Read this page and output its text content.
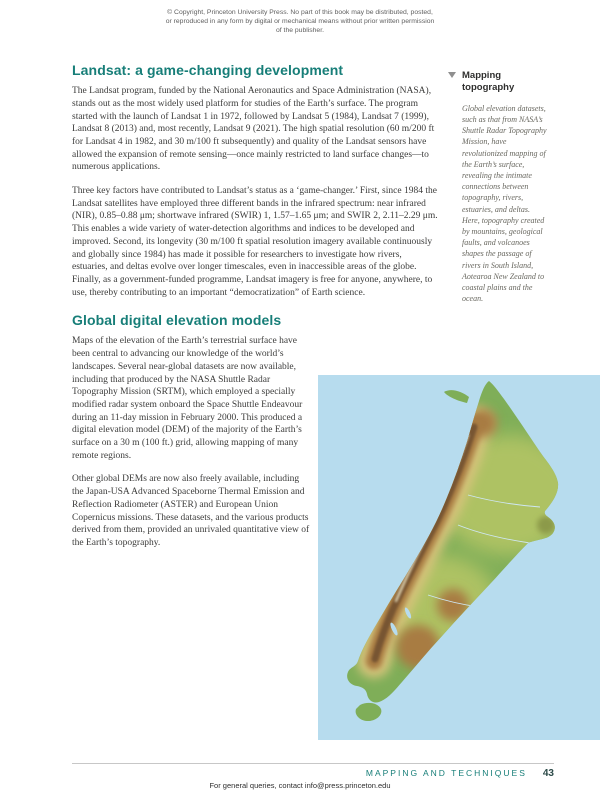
© Copyright, Princeton University Press. No part of this book may be distributed, posted, or reproduced in any form by digital or mechanical means without prior written permission of the publisher.
Landsat: a game-changing development

The Landsat program, funded by the National Aeronautics and Space Administration (NASA), stands out as the most widely used platform for studies of the Earth’s surface. The program started with the launch of Landsat 1 in 1972, followed by Landsat 5 (1984), Landsat 7 (1999), Landsat 8 (2013) and, most recently, Landsat 9 (2021). The high spatial resolution (60 m/200 ft for Landsat 4 in 1982, and 30 m/100 ft subsequently) and quality of the Landsat sensors have allowed the expansion of remote sensing—once mainly restricted to land surface changes—to numerous applications.

Three key factors have contributed to Landsat’s status as a ‘game-changer.’ First, since 1984 the Landsat satellites have employed three different bands in the infrared spectrum: near infrared (NIR), 0.85–0.88 μm; shortwave infrared (SWIR) 1, 1.57–1.65 μm; and SWIR 2, 2.11–2.29 μm. This enables a wide variety of water-detection algorithms and indices to be developed and improved. Second, its longevity (30 m/100 ft spatial resolution imagery available continuously and globally since 1984) has made it possible for researchers to investigate how rivers, estuaries, and deltas evolve over longer timescales, even in inaccessible areas of the globe. Finally, as a government-funded programme, Landsat imagery is free for anyone, anywhere, to use, thereby contributing to an important “democratization” of Earth science.

Global digital elevation models

Maps of the elevation of the Earth’s terrestrial surface have been central to advancing our knowledge of the world’s landscapes. Several near-global datasets are now available, including that produced by the NASA Shuttle Radar Topography Mission (SRTM), which employed a specially modified radar system onboard the Space Shuttle Endeavour during an 11-day mission in February 2000. This produced a digital elevation model (DEM) of the majority of the Earth’s surface on a 30 m (100 ft.) grid, allowing mapping of many remote regions.

Other global DEMs are now also freely available, including the Japan-USA Advanced Spaceborne Thermal Emission and Reflection Radiometer (ASTER) and European Union Copernicus missions. These datasets, and the various products derived from them, provided an unrivaled quantitative view of the Earth’s topography.

Mapping topography

Global elevation datasets, such as that from NASA’s Shuttle Radar Topography Mission, have revolutionized mapping of the Earth’s surface, revealing the intimate connections between topography, rivers, estuaries, and deltas. Here, topography created by mountains, geological faults, and volcanoes shapes the passage of rivers in South Island, Aotearoa New Zealand to coastal plains and the ocean.

MAPPING AND TECHNIQUES 43
For general queries, contact info@press.princeton.edu
